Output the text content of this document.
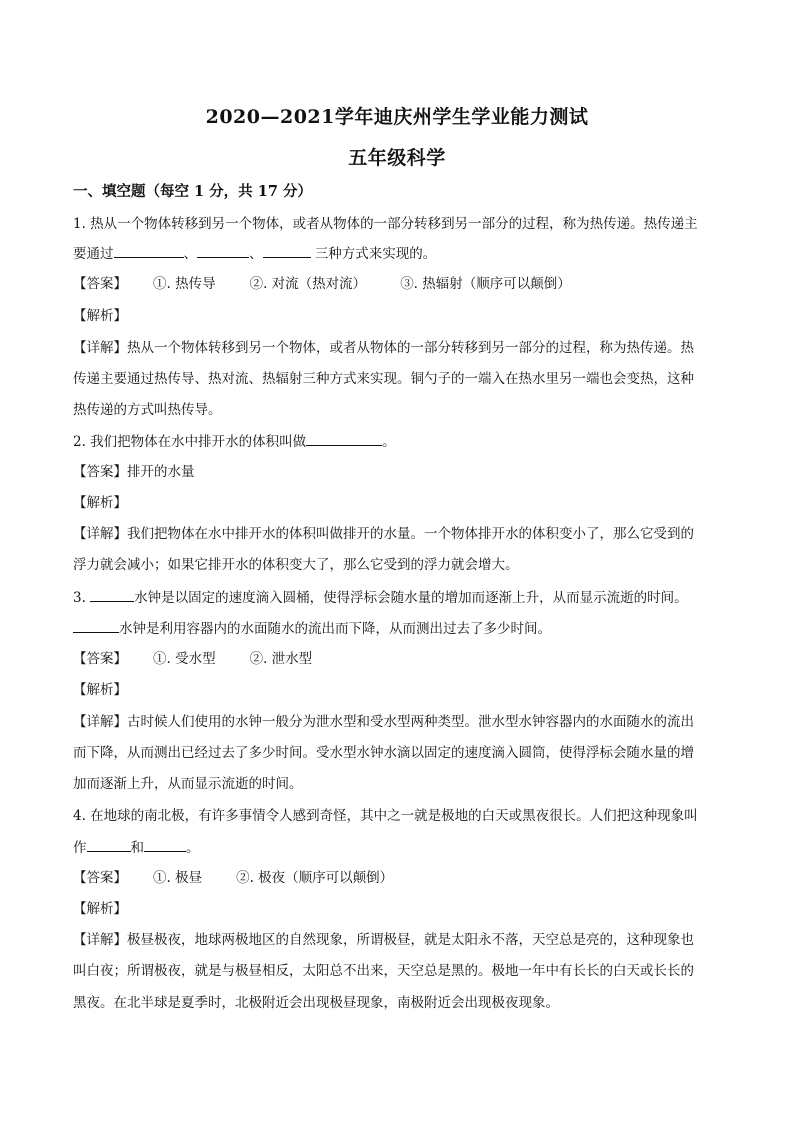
2020—2021学年迪庆州学生学业能力测试
五年级科学
一、填空题（每空 1 分，共 17 分）
1. 热从一个物体转移到另一个物体，或者从物体的一部分转移到另一部分的过程，称为热传递。热传递主
要通过	、	、	三种方式来实现的。
【答案】 ①. 热传导	②. 对流（热对流）	③. 热辐射（顺序可以颠倒）
【解析】
【详解】热从一个物体转移到另一个物体，或者从物体的一部分转移到另一部分的过程，称为热传递。热
传递主要通过热传导、热对流、热辐射三种方式来实现。铜勺子的一端入在热水里另一端也会变热，这种
热传递的方式叫热传导。
2. 我们把物体在水中排开水的体积叫做	。
【答案】排开的水量
【解析】
【详解】我们把物体在水中排开水的体积叫做排开的水量。一个物体排开水的体积变小了，那么它受到的
浮力就会减小；如果它排开水的体积变大了，那么它受到的浮力就会增大。
3.	水钟是以固定的速度滴入圆桶，使得浮标会随水量的增加而逐渐上升，从而显示流逝的时间。
水钟是利用容器内的水面随水的流出而下降，从而测出过去了多少时间。
【答案】 ①. 受水型	②. 泄水型
【解析】
【详解】古时候人们使用的水钟一般分为泄水型和受水型两种类型。泄水型水钟容器内的水面随水的流出
而下降，从而测出已经过去了多少时间。受水型水钟水滴以固定的速度滴入圆筒，使得浮标会随水量的增
加而逐渐上升，从而显示流逝的时间。
4. 在地球的南北极，有许多事情令人感到奇怪，其中之一就是极地的白天或黑夜很长。人们把这种现象叫
作	和	。
【答案】 ①. 极昼	②. 极夜（顺序可以颠倒）
【解析】
【详解】极昼极夜，地球两极地区的自然现象，所谓极昼，就是太阳永不落，天空总是亮的，这种现象也
叫白夜；所谓极夜，就是与极昼相反，太阳总不出来，天空总是黑的。极地一年中有长长的白天或长长的
黑夜。在北半球是夏季时，北极附近会出现极昼现象，南极附近会出现极夜现象。
